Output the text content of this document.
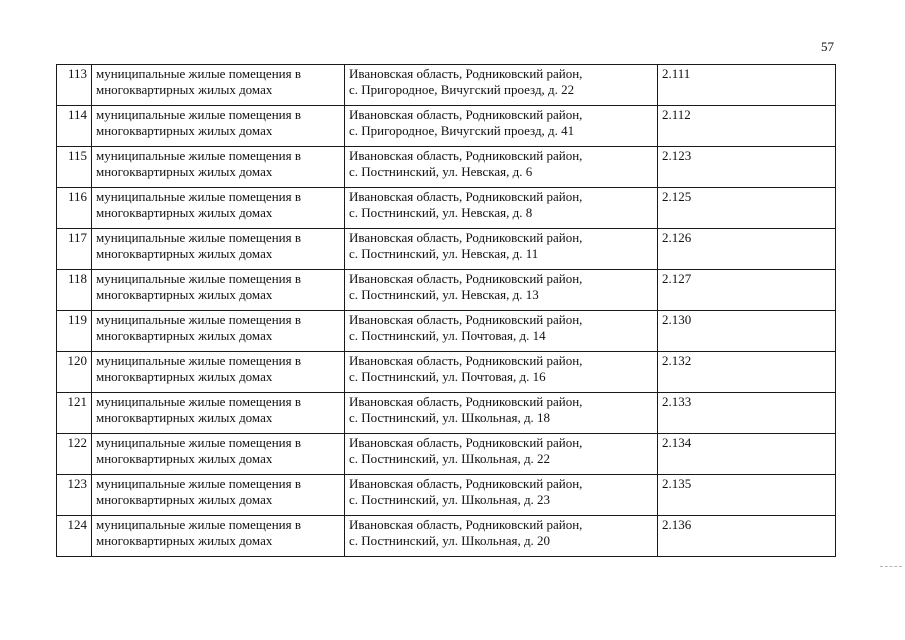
57
113	муниципальные жилые помещения в
многоквартирных жилых домах	Ивановская область, Родниковский район,
с. Пригородное, Вичугский проезд, д. 22	2.111
114	муниципальные жилые помещения в
многоквартирных жилых домах	Ивановская область, Родниковский район,
с. Пригородное, Вичугский проезд, д. 41	2.112
115	муниципальные жилые помещения в
многоквартирных жилых домах	Ивановская область, Родниковский район,
с. Постнинский, ул. Невская, д. 6	2.123
116	муниципальные жилые помещения в
многоквартирных жилых домах	Ивановская область, Родниковский район,
с. Постнинский, ул. Невская, д. 8	2.125
117	муниципальные жилые помещения в
многоквартирных жилых домах	Ивановская область, Родниковский район,
с. Постнинский, ул. Невская, д. 11	2.126
118	муниципальные жилые помещения в
многоквартирных жилых домах	Ивановская область, Родниковский район,
с. Постнинский, ул. Невская, д. 13	2.127
119	муниципальные жилые помещения в
многоквартирных жилых домах	Ивановская область, Родниковский район,
с. Постнинский, ул. Почтовая, д. 14	2.130
120	муниципальные жилые помещения в
многоквартирных жилых домах	Ивановская область, Родниковский район,
с. Постнинский, ул. Почтовая, д. 16	2.132
121	муниципальные жилые помещения в
многоквартирных жилых домах	Ивановская область, Родниковский район,
с. Постнинский, ул. Школьная, д. 18	2.133
122	муниципальные жилые помещения в
многоквартирных жилых домах	Ивановская область, Родниковский район,
с. Постнинский, ул. Школьная, д. 22	2.134
123	муниципальные жилые помещения в
многоквартирных жилых домах	Ивановская область, Родниковский район,
с. Постнинский, ул. Школьная, д. 23	2.135
124	муниципальные жилые помещения в
многоквартирных жилых домах	Ивановская область, Родниковский район,
с. Постнинский, ул. Школьная, д. 20	2.136
